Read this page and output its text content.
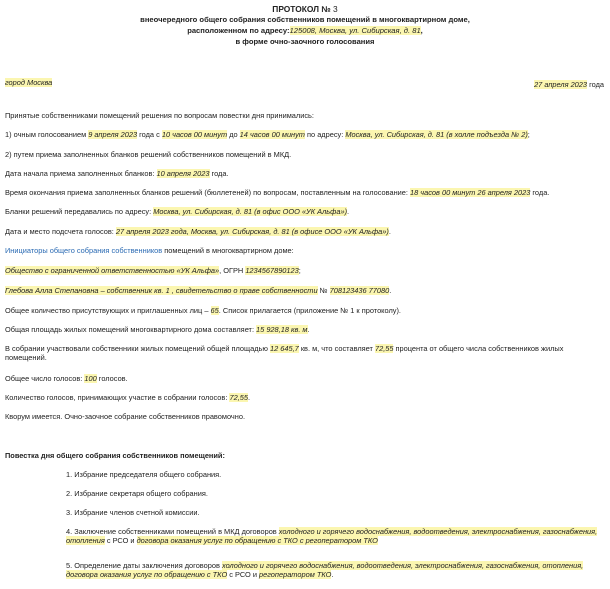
ПРОТОКОЛ № 3
внеочередного общего собрания собственников помещений в многоквартирном доме,
расположенном по адресу:125008, Москва, ул. Сибирская, д. 81,
в форме очно-заочного голосования
город Москва	27 апреля 2023 года
Принятые собственниками помещений решения по вопросам повестки дня принимались:
1) очным голосованием 9 апреля 2023 года с 10 часов 00 минут до 14 часов 00 минут по адресу: Москва, ул. Сибирская, д. 81 (в холле подъезда № 2);
2) путем приема заполненных бланков решений собственников помещений в МКД.
Дата начала приема заполненных бланков: 10 апреля 2023 года.
Время окончания приема заполненных бланков решений (бюллетеней) по вопросам, поставленным на голосование: 18 часов 00 минут 26 апреля 2023 года.
Бланки решений передавались по адресу: Москва, ул. Сибирская, д. 81 (в офис ООО «УК Альфа»).
Дата и место подсчета голосов: 27 апреля 2023 года, Москва, ул. Сибирская, д. 81 (в офисе ООО «УК Альфа»).
Инициаторы общего собрания собственников помещений в многоквартирном доме:
Общество с ограниченной ответственностью «УК Альфа», ОГРН 1234567890123;
Глебова Алла Степановна – собственник кв. 1 , свидетельство о праве собственности № 708123436 77080.
Общее количество присутствующих и приглашенных лиц – 65. Список прилагается (приложение № 1 к протоколу).
Общая площадь жилых помещений многоквартирного дома составляет: 15 928,18 кв. м.
В собрании участвовали собственники жилых помещений общей площадью 12 645,7 кв. м, что составляет 72,55 процента от общего числа собственников жилых помещений.
Общее число голосов: 100 голосов.
Количество голосов, принимающих участие в собрании голосов: 72,55.
Кворум имеется. Очно-заочное собрание собственников правомочно.
Повестка дня общего собрания собственников помещений:
1. Избрание председателя общего собрания.
2. Избрание секретаря общего собрания.
3. Избрание членов счетной комиссии.
4. Заключение собственниками помещений в МКД договоров холодного и горячего водоснабжения, водоотведения, электроснабжения, газоснабжения, отопления с РСО и договора оказания услуг по обращению с ТКО с регоператором ТКО
5. Определение даты заключения договоров холодного и горячего водоснабжения, водоотведения, электроснабжения, газоснабжения, отопления, договора оказания услуг по обращению с ТКО с РСО и регоператором ТКО.
